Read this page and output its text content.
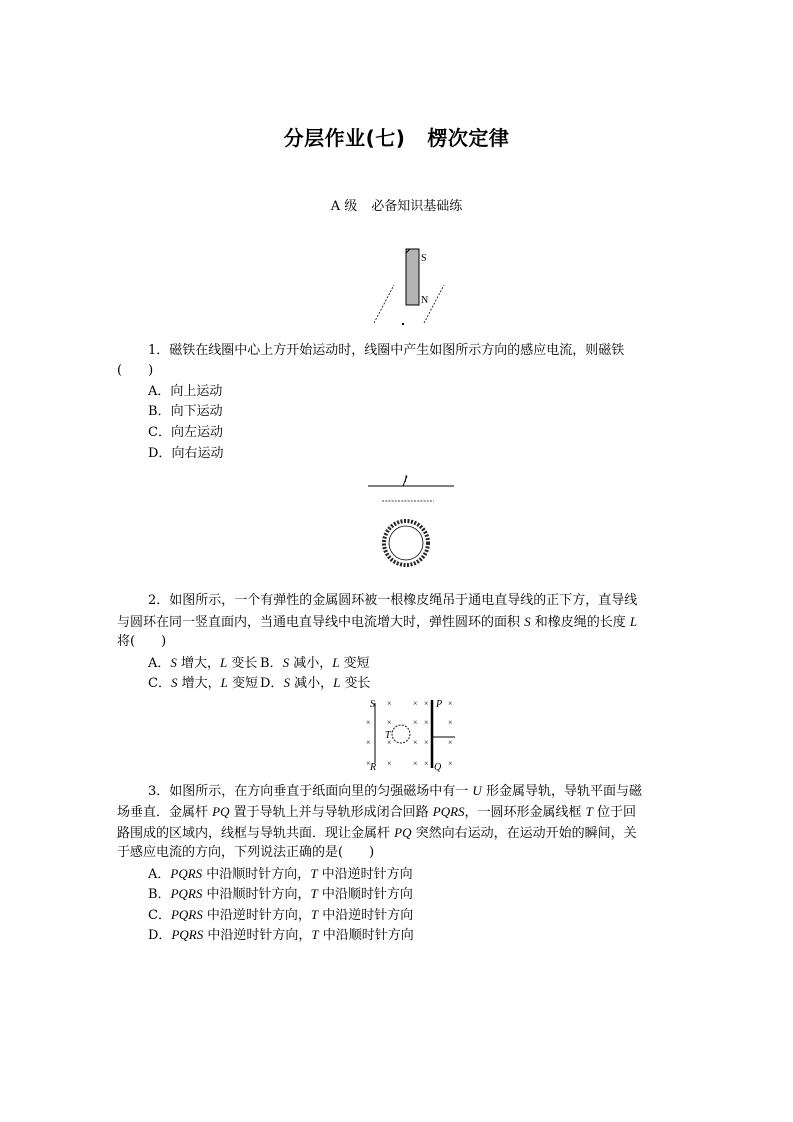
分层作业(七) 楞次定律
A 级 必备知识基础练
S
N
1．磁铁在线圈中心上方开始运动时，线圈中产生如图所示方向的感应电流，则磁铁
(　　)
A．向上运动
B．向下运动
C．向左运动
D．向右运动
I
2．如图所示，一个有弹性的金属圆环被一根橡皮绳吊于通电直导线的正下方，直导线
与圆环在同一竖直面内，当通电直导线中电流增大时，弹性圆环的面积 S 和橡皮绳的长度 L
将(　　)
A．S 增大，L 变长 B．S 减小，L 变短
C．S 增大，L 变短 D．S 减小，L 变长
S
R
P
Q
T
×	× × ×
× ×	× × ×
× ×	× × ×
× ×	× × ×
3．如图所示，在方向垂直于纸面向里的匀强磁场中有一 U 形金属导轨，导轨平面与磁
场垂直．金属杆 PQ 置于导轨上并与导轨形成闭合回路 PQRS，一圆环形金属线框 T 位于回
路围成的区域内，线框与导轨共面．现让金属杆 PQ 突然向右运动，在运动开始的瞬间，关
于感应电流的方向，下列说法正确的是(　　)
A．PQRS 中沿顺时针方向，T 中沿逆时针方向
B．PQRS 中沿顺时针方向，T 中沿顺时针方向
C．PQRS 中沿逆时针方向，T 中沿逆时针方向
D．PQRS 中沿逆时针方向，T 中沿顺时针方向
